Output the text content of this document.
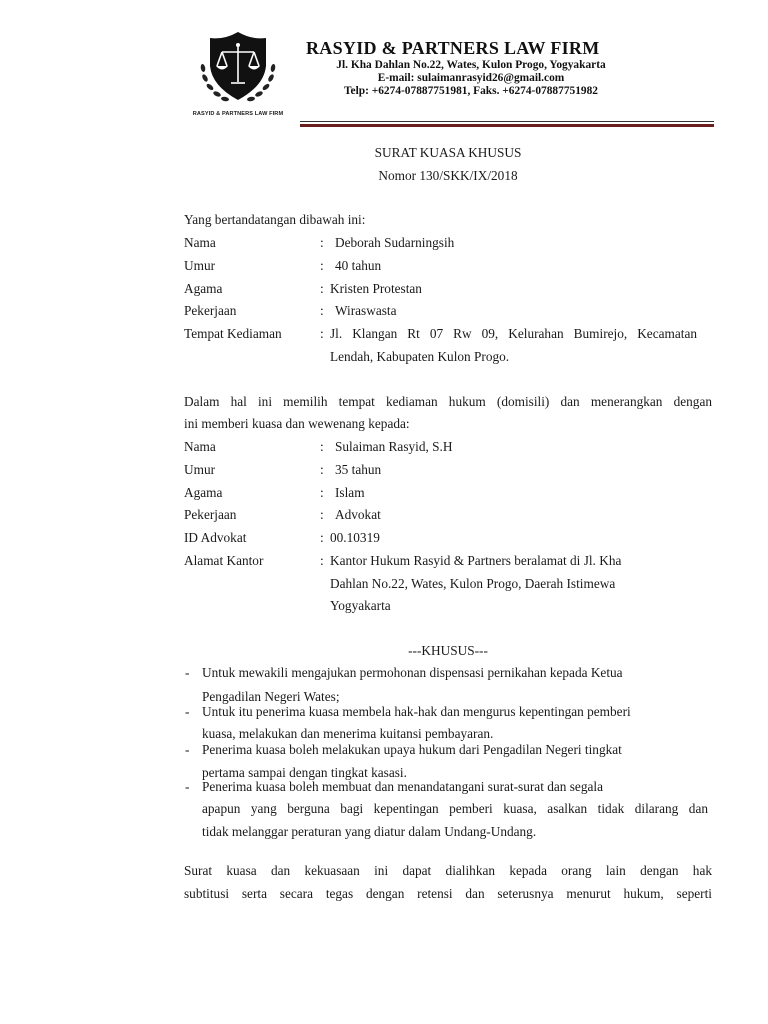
RASYID & PARTNERS LAW FIRM
RASYID & PARTNERS LAW FIRM
Jl. Kha Dahlan No.22, Wates, Kulon Progo, Yogyakarta
E-mail: sulaimanrasyid26@gmail.com
Telp: +6274-07887751981, Faks. +6274-07887751982
SURAT KUASA KHUSUS
Nomor 130/SKK/IX/2018
Yang bertandatangan dibawah ini:
Nama	: Deborah Sudarningsih
Umur	: 40 tahun
Agama	: Kristen Protestan
Pekerjaan	: Wiraswasta
Tempat Kediaman	: Jl. Klangan Rt 07 Rw 09, Kelurahan Bumirejo, Kecamatan
Lendah, Kabupaten Kulon Progo.
Dalam hal ini memilih tempat kediaman hukum (domisili) dan menerangkan dengan
ini memberi kuasa dan wewenang kepada:
Nama	: Sulaiman Rasyid, S.H
Umur	: 35 tahun
Agama	: Islam
Pekerjaan	: Advokat
ID Advokat	: 00.10319
Alamat Kantor	: Kantor Hukum Rasyid & Partners beralamat di Jl. Kha
Dahlan No.22, Wates, Kulon Progo, Daerah Istimewa
Yogyakarta
---KHUSUS---
- Untuk mewakili mengajukan permohonan dispensasi pernikahan kepada Ketua
Pengadilan Negeri Wates;
- Untuk itu penerima kuasa membela hak-hak dan mengurus kepentingan pemberi
kuasa, melakukan dan menerima kuitansi pembayaran.
- Penerima kuasa boleh melakukan upaya hukum dari Pengadilan Negeri tingkat
pertama sampai dengan tingkat kasasi.
- Penerima kuasa boleh membuat dan menandatangani surat-surat dan segala
apapun yang berguna bagi kepentingan pemberi kuasa, asalkan tidak dilarang dan
tidak melanggar peraturan yang diatur dalam Undang-Undang.
Surat kuasa dan kekuasaan ini dapat dialihkan kepada orang lain dengan hak
subtitusi serta secara tegas dengan retensi dan seterusnya menurut hukum, seperti
